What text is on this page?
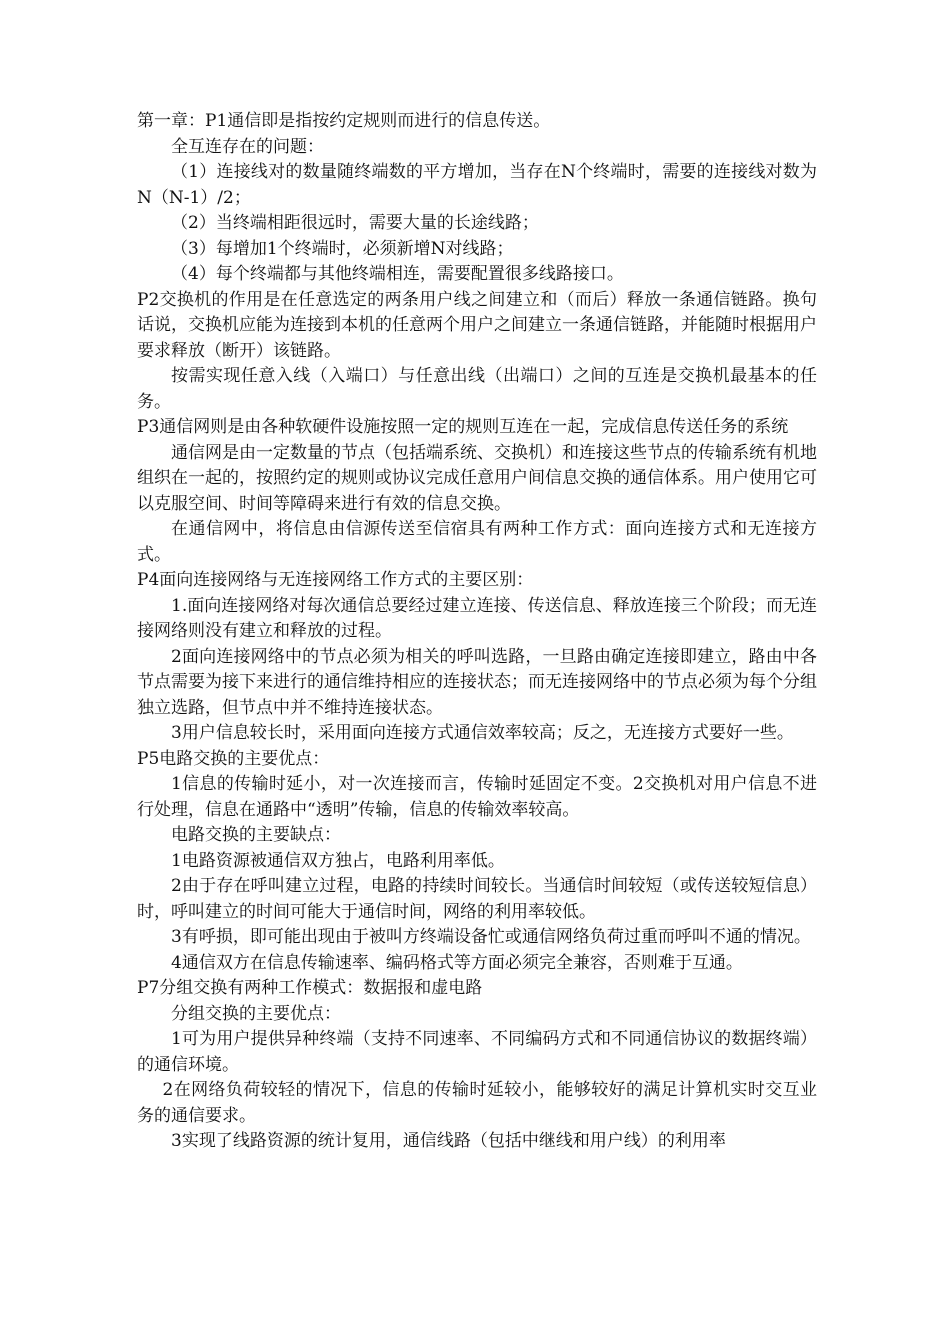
第一章：P1通信即是指按约定规则而进行的信息传送。

全互连存在的问题：

（1）连接线对的数量随终端数的平方增加，当存在N个终端时，需要的连接线对数为N（N-1）/2；

（2）当终端相距很远时，需要大量的长途线路；

（3）每增加1个终端时，必须新增N对线路；

（4）每个终端都与其他终端相连，需要配置很多线路接口。

P2交换机的作用是在任意选定的两条用户线之间建立和（而后）释放一条通信链路。换句话说，交换机应能为连接到本机的任意两个用户之间建立一条通信链路，并能随时根据用户要求释放（断开）该链路。

按需实现任意入线（入端口）与任意出线（出端口）之间的互连是交换机最基本的任务。

P3通信网则是由各种软硬件设施按照一定的规则互连在一起，完成信息传送任务的系统

通信网是由一定数量的节点（包括端系统、交换机）和连接这些节点的传输系统有机地组织在一起的，按照约定的规则或协议完成任意用户间信息交换的通信体系。用户使用它可以克服空间、时间等障碍来进行有效的信息交换。

在通信网中，将信息由信源传送至信宿具有两种工作方式：面向连接方式和无连接方式。

P4面向连接网络与无连接网络工作方式的主要区别：

1.面向连接网络对每次通信总要经过建立连接、传送信息、释放连接三个阶段；而无连接网络则没有建立和释放的过程。

2面向连接网络中的节点必须为相关的呼叫选路，一旦路由确定连接即建立，路由中各节点需要为接下来进行的通信维持相应的连接状态；而无连接网络中的节点必须为每个分组独立选路，但节点中并不维持连接状态。

3用户信息较长时，采用面向连接方式通信效率较高；反之，无连接方式要好一些。

P5电路交换的主要优点：

1信息的传输时延小，对一次连接而言，传输时延固定不变。2交换机对用户信息不进行处理，信息在通路中“透明”传输，信息的传输效率较高。

电路交换的主要缺点：

1电路资源被通信双方独占，电路利用率低。

2由于存在呼叫建立过程，电路的持续时间较长。当通信时间较短（或传送较短信息）时，呼叫建立的时间可能大于通信时间，网络的利用率较低。

3有呼损，即可能出现由于被叫方终端设备忙或通信网络负荷过重而呼叫不通的情况。

4通信双方在信息传输速率、编码格式等方面必须完全兼容，否则难于互通。

P7分组交换有两种工作模式：数据报和虚电路

分组交换的主要优点：

1可为用户提供异种终端（支持不同速率、不同编码方式和不同通信协议的数据终端）的通信环境。

2在网络负荷较轻的情况下，信息的传输时延较小，能够较好的满足计算机实时交互业务的通信要求。

3实现了线路资源的统计复用，通信线路（包括中继线和用户线）的利用率
